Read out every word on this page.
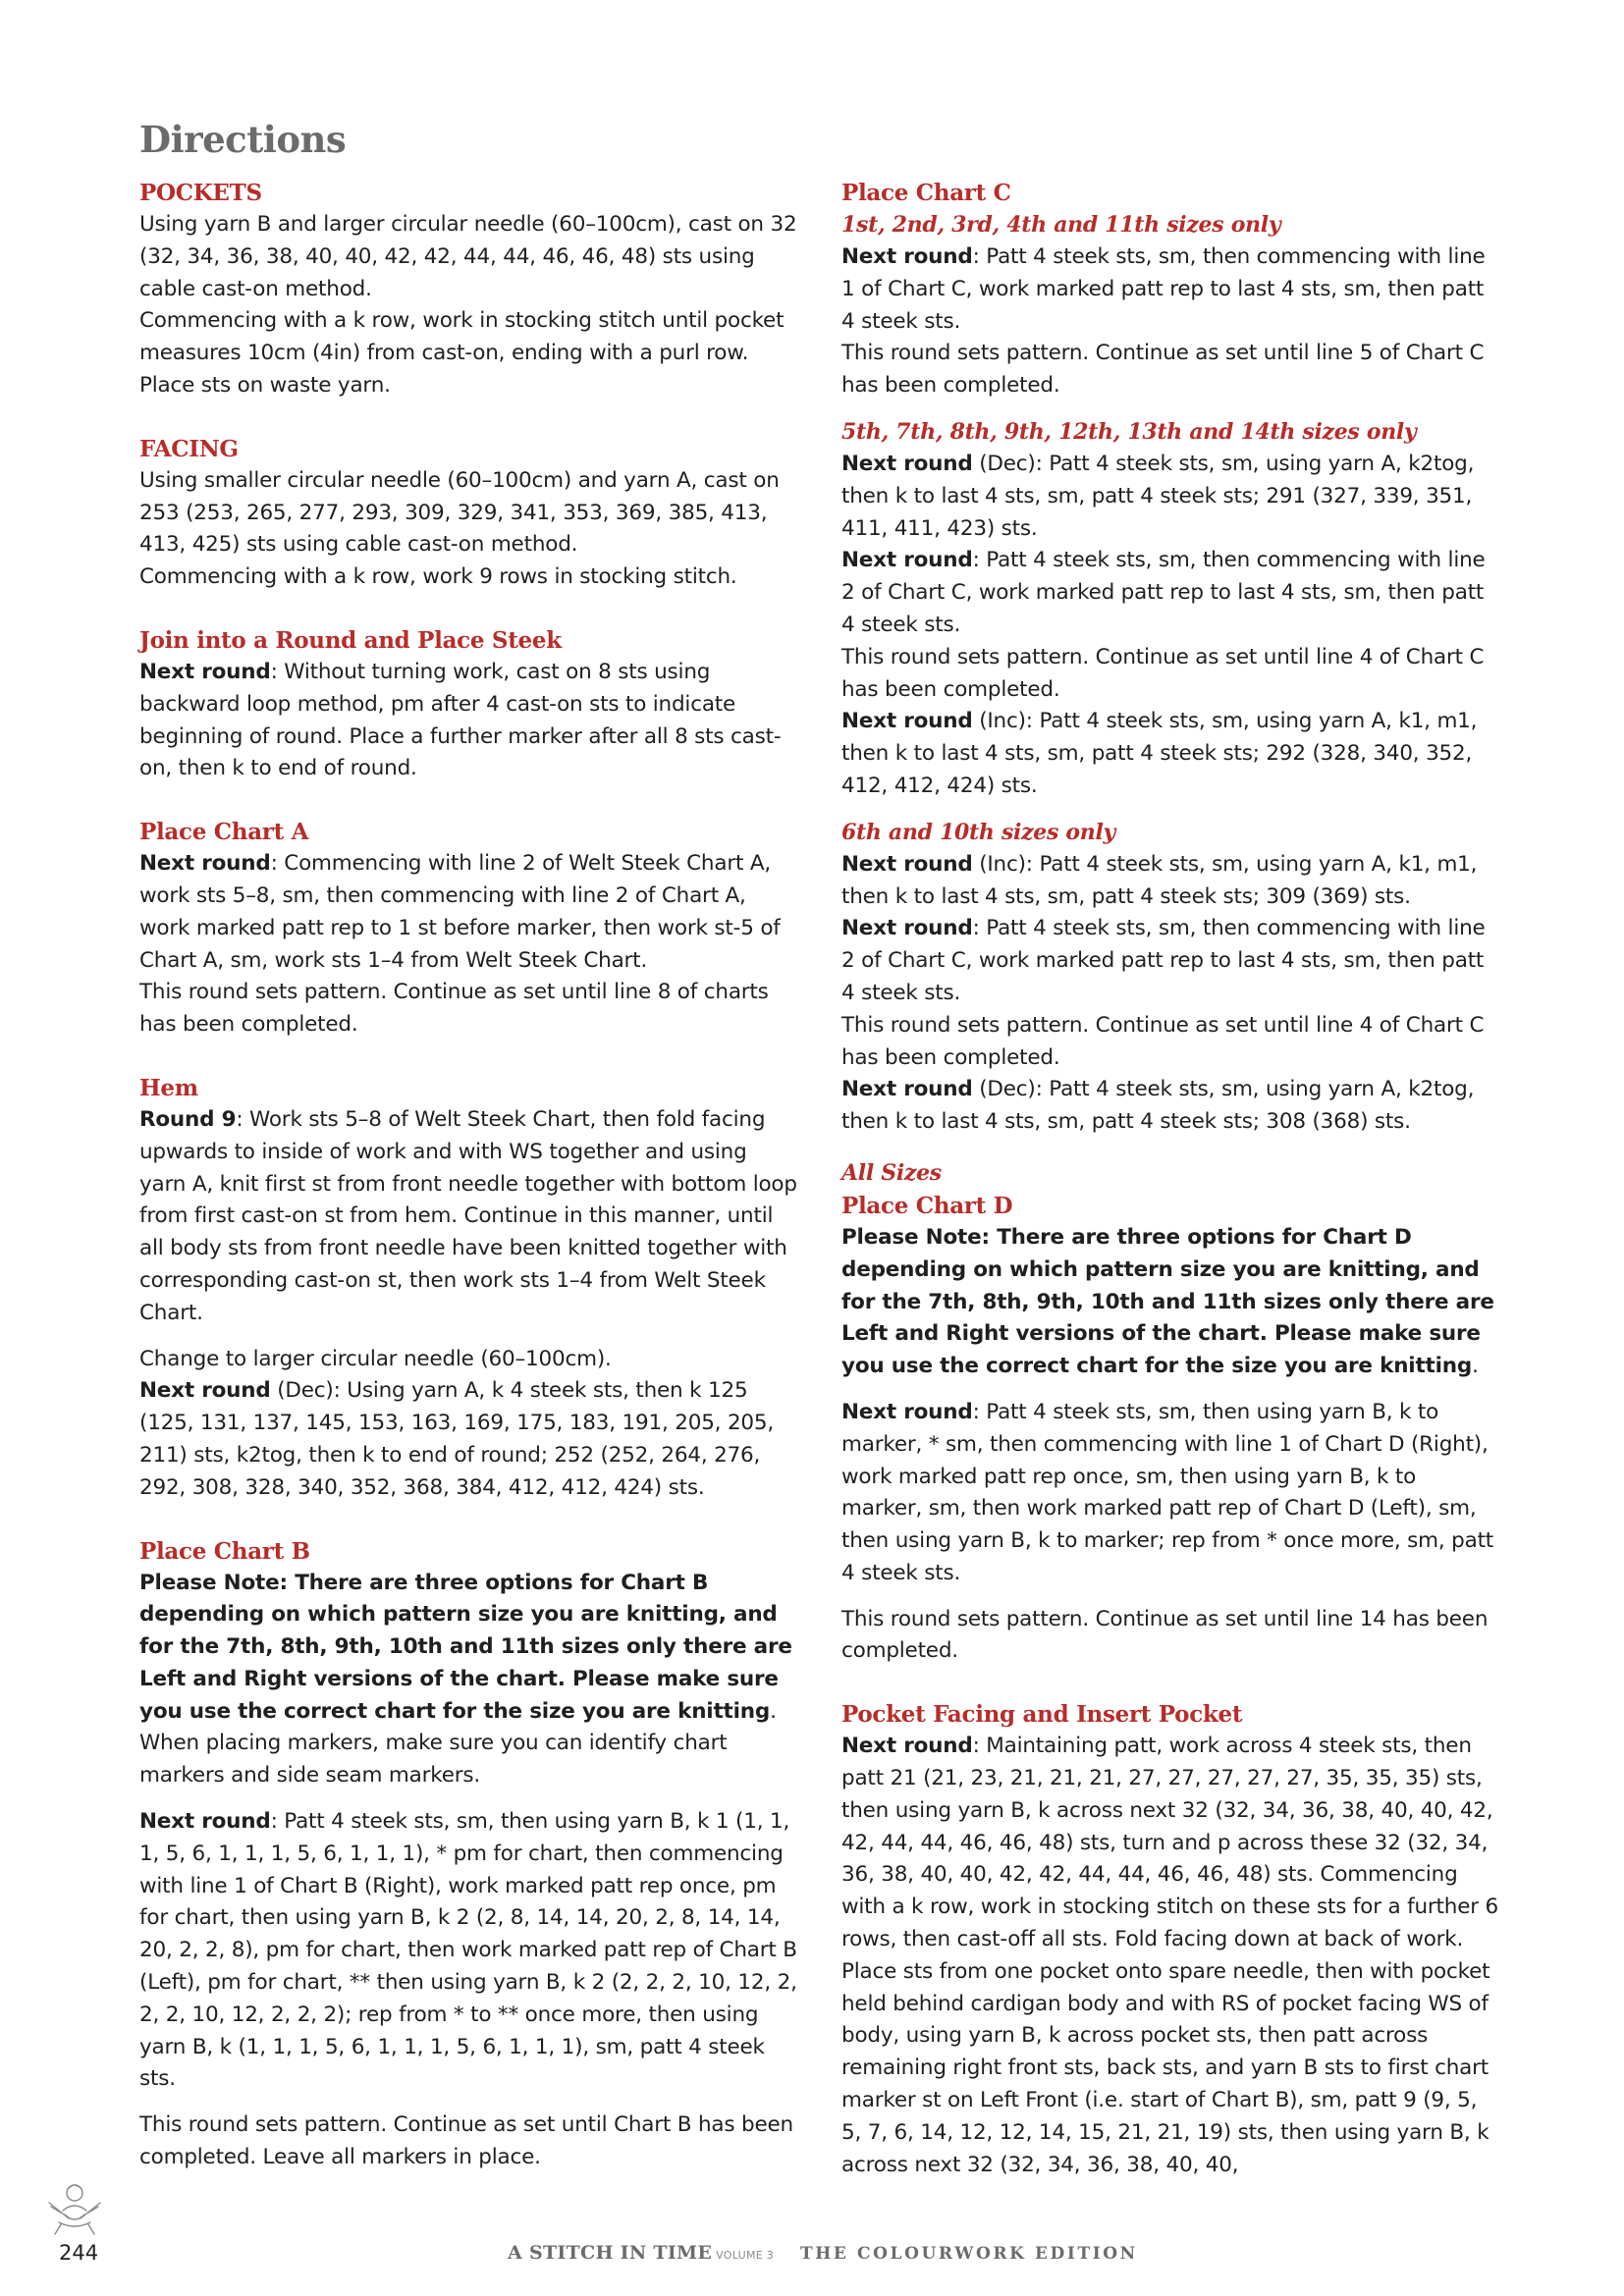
Directions
POCKETS

Using yarn B and larger circular needle (60–100cm), cast on 32 (32, 34, 36, 38, 40, 40, 42, 42, 44, 44, 46, 46, 48) sts using cable cast-on method.

Commencing with a k row, work in stocking stitch until pocket measures 10cm (4in) from cast-on, ending with a purl row. Place sts on waste yarn.

FACING

Using smaller circular needle (60–100cm) and yarn A, cast on 253 (253, 265, 277, 293, 309, 329, 341, 353, 369, 385, 413, 413, 425) sts using cable cast-on method.

Commencing with a k row, work 9 rows in stocking stitch.

Join into a Round and Place Steek

Next round: Without turning work, cast on 8 sts using backward loop method, pm after 4 cast-on sts to indicate beginning of round. Place a further marker after all 8 sts cast-on, then k to end of round.

Place Chart A

Next round: Commencing with line 2 of Welt Steek Chart A, work sts 5–8, sm, then commencing with line 2 of Chart A, work marked patt rep to 1 st before marker, then work st-5 of Chart A, sm, work sts 1–4 from Welt Steek Chart.

This round sets pattern. Continue as set until line 8 of charts has been completed.

Hem

Round 9: Work sts 5–8 of Welt Steek Chart, then fold facing upwards to inside of work and with WS together and using yarn A, knit first st from front needle together with bottom loop from first cast-on st from hem. Continue in this manner, until all body sts from front needle have been knitted together with corresponding cast-on st, then work sts 1–4 from Welt Steek Chart.

Change to larger circular needle (60–100cm).

Next round (Dec): Using yarn A, k 4 steek sts, then k 125 (125, 131, 137, 145, 153, 163, 169, 175, 183, 191, 205, 205, 211) sts, k2tog, then k to end of round; 252 (252, 264, 276, 292, 308, 328, 340, 352, 368, 384, 412, 412, 424) sts.

Place Chart B

Please Note: There are three options for Chart B depending on which pattern size you are knitting, and for the 7th, 8th, 9th, 10th and 11th sizes only there are Left and Right versions of the chart. Please make sure you use the correct chart for the size you are knitting.

When placing markers, make sure you can identify chart markers and side seam markers.

Next round: Patt 4 steek sts, sm, then using yarn B, k 1 (1, 1, 1, 5, 6, 1, 1, 1, 5, 6, 1, 1, 1), * pm for chart, then commencing with line 1 of Chart B (Right), work marked patt rep once, pm for chart, then using yarn B, k 2 (2, 8, 14, 14, 20, 2, 8, 14, 14, 20, 2, 2, 8), pm for chart, then work marked patt rep of Chart B (Left), pm for chart, ** then using yarn B, k 2 (2, 2, 2, 10, 12, 2, 2, 2, 10, 12, 2, 2, 2); rep from * to ** once more, then using yarn B, k (1, 1, 1, 5, 6, 1, 1, 1, 5, 6, 1, 1, 1), sm, patt 4 steek sts.

This round sets pattern. Continue as set until Chart B has been completed. Leave all markers in place.

Place Chart C
1st, 2nd, 3rd, 4th and 11th sizes only

Next round: Patt 4 steek sts, sm, then commencing with line 1 of Chart C, work marked patt rep to last 4 sts, sm, then patt 4 steek sts.

This round sets pattern. Continue as set until line 5 of Chart C has been completed.

5th, 7th, 8th, 9th, 12th, 13th and 14th sizes only

Next round (Dec): Patt 4 steek sts, sm, using yarn A, k2tog, then k to last 4 sts, sm, patt 4 steek sts; 291 (327, 339, 351, 411, 411, 423) sts.

Next round: Patt 4 steek sts, sm, then commencing with line 2 of Chart C, work marked patt rep to last 4 sts, sm, then patt 4 steek sts.

This round sets pattern. Continue as set until line 4 of Chart C has been completed.

Next round (Inc): Patt 4 steek sts, sm, using yarn A, k1, m1, then k to last 4 sts, sm, patt 4 steek sts; 292 (328, 340, 352, 412, 412, 424) sts.

6th and 10th sizes only

Next round (Inc): Patt 4 steek sts, sm, using yarn A, k1, m1, then k to last 4 sts, sm, patt 4 steek sts; 309 (369) sts.

Next round: Patt 4 steek sts, sm, then commencing with line 2 of Chart C, work marked patt rep to last 4 sts, sm, then patt 4 steek sts.

This round sets pattern. Continue as set until line 4 of Chart C has been completed.

Next round (Dec): Patt 4 steek sts, sm, using yarn A, k2tog, then k to last 4 sts, sm, patt 4 steek sts; 308 (368) sts.

All Sizes
Place Chart D

Please Note: There are three options for Chart D depending on which pattern size you are knitting, and for the 7th, 8th, 9th, 10th and 11th sizes only there are Left and Right versions of the chart. Please make sure you use the correct chart for the size you are knitting.

Next round: Patt 4 steek sts, sm, then using yarn B, k to marker, * sm, then commencing with line 1 of Chart D (Right), work marked patt rep once, sm, then using yarn B, k to marker, sm, then work marked patt rep of Chart D (Left), sm, then using yarn B, k to marker; rep from * once more, sm, patt 4 steek sts.

This round sets pattern. Continue as set until line 14 has been completed.

Pocket Facing and Insert Pocket

Next round: Maintaining patt, work across 4 steek sts, then patt 21 (21, 23, 21, 21, 21, 27, 27, 27, 27, 27, 35, 35, 35) sts, then using yarn B, k across next 32 (32, 34, 36, 38, 40, 40, 42, 42, 44, 44, 46, 46, 48) sts, turn and p across these 32 (32, 34, 36, 38, 40, 40, 42, 42, 44, 44, 46, 46, 48) sts. Commencing with a k row, work in stocking stitch on these sts for a further 6 rows, then cast-off all sts. Fold facing down at back of work. Place sts from one pocket onto spare needle, then with pocket held behind cardigan body and with RS of pocket facing WS of body, using yarn B, k across pocket sts, then patt across remaining right front sts, back sts, and yarn B sts to first chart marker st on Left Front (i.e. start of Chart B), sm, patt 9 (9, 5, 5, 7, 6, 14, 12, 12, 14, 15, 21, 21, 19) sts, then using yarn B, k across next 32 (32, 34, 36, 38, 40, 40,

244	A STITCH IN TIME VOLUME 3 THE COLOURWORK EDITION
